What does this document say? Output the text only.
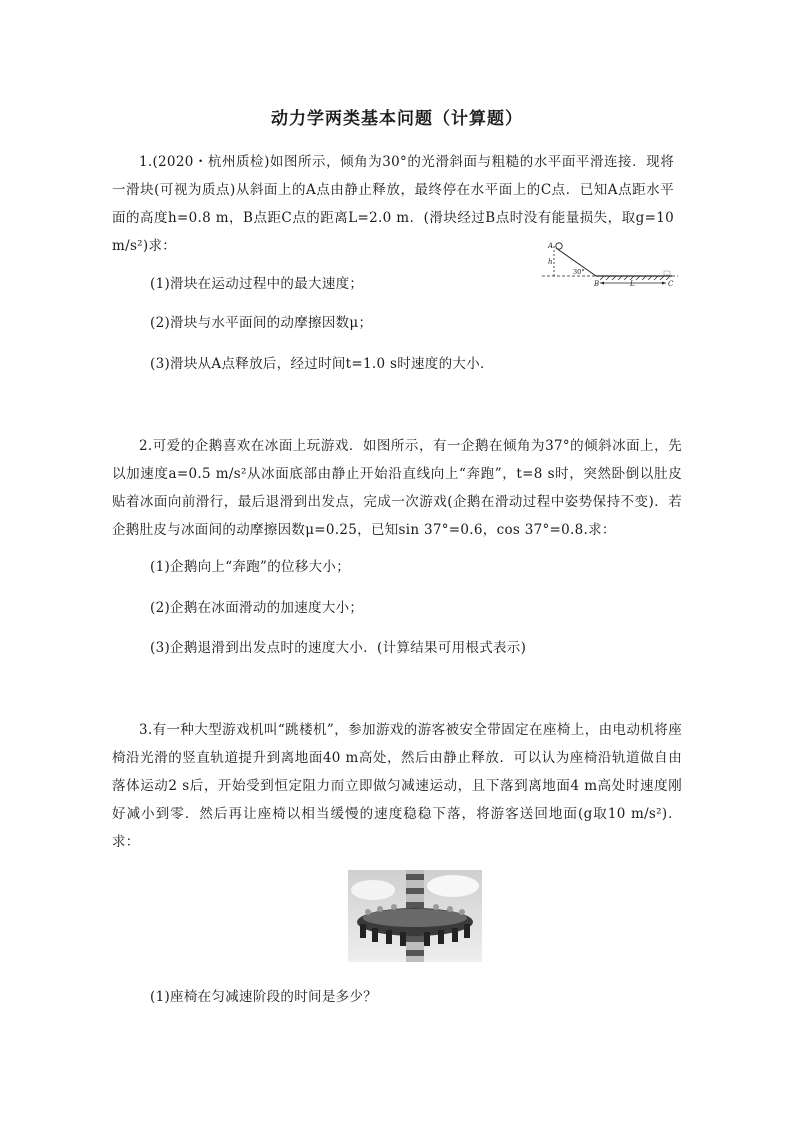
动力学两类基本问题（计算题）
1.(2020・杭州质检)如图所示，倾角为30°的光滑斜面与粗糙的水平面平滑连接．现将一滑块(可视为质点)从斜面上的A点由静止释放，最终停在水平面上的C点．已知A点距水平面的高度h=0.8 m，B点距C点的距离L=2.0 m．(滑块经过B点时没有能量损失，取g=10 m/s²)求：	A
h
30°
B	L	C
(1)滑块在运动过程中的最大速度；
(2)滑块与水平面间的动摩擦因数μ；
(3)滑块从A点释放后，经过时间t=1.0 s时速度的大小．
2.可爱的企鹅喜欢在冰面上玩游戏．如图所示，有一企鹅在倾角为37°的倾斜冰面上，先以加速度a=0.5 m/s²从冰面底部由静止开始沿直线向上“奔跑”，t=8 s时，突然卧倒以肚皮贴着冰面向前滑行，最后退滑到出发点，完成一次游戏(企鹅在滑动过程中姿势保持不变)．若企鹅肚皮与冰面间的动摩擦因数μ=0.25，已知sin 37°=0.6，cos 37°=0.8.求：
(1)企鹅向上“奔跑”的位移大小；
(2)企鹅在冰面滑动的加速度大小；
(3)企鹅退滑到出发点时的速度大小．(计算结果可用根式表示)
3.有一种大型游戏机叫“跳楼机”，参加游戏的游客被安全带固定在座椅上，由电动机将座椅沿光滑的竖直轨道提升到离地面40 m高处，然后由静止释放．可以认为座椅沿轨道做自由落体运动2 s后，开始受到恒定阻力而立即做匀减速运动，且下落到离地面4 m高处时速度刚好减小到零．然后再让座椅以相当缓慢的速度稳稳下落，将游客送回地面(g取10 m/s²)．求：
(1)座椅在匀减速阶段的时间是多少？
